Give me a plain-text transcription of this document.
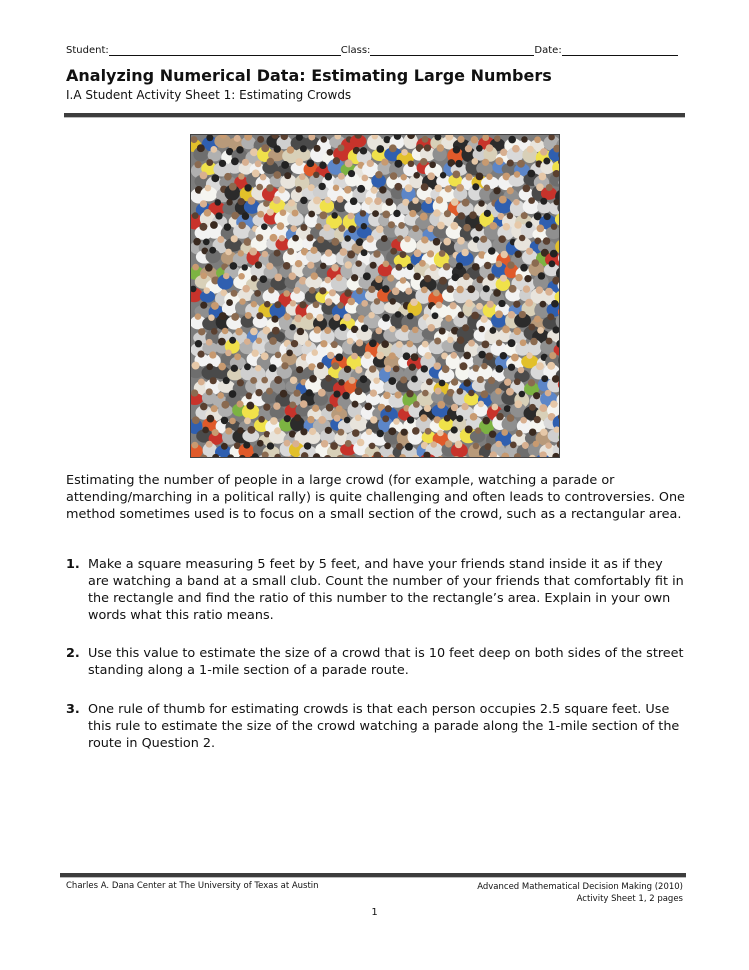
Student:	Class:	Date:
Analyzing Numerical Data: Estimating Large Numbers
I.A Student Activity Sheet 1: Estimating Crowds
Estimating the number of people in a large crowd (for example, watching a parade or attending/marching in a political rally) is quite challenging and often leads to controversies. One method sometimes used is to focus on a small section of the crowd, such as a rectangular area.
1. Make a square measuring 5 feet by 5 feet, and have your friends stand inside it as if they are watching a band at a small club. Count the number of your friends that comfortably fit in the rectangle and find the ratio of this number to the rectangle’s area. Explain in your own words what this ratio means.
2. Use this value to estimate the size of a crowd that is 10 feet deep on both sides of the street standing along a 1-mile section of a parade route.
3. One rule of thumb for estimating crowds is that each person occupies 2.5 square feet. Use this rule to estimate the size of the crowd watching a parade along the 1-mile section of the route in Question 2.
Charles A. Dana Center at The University of Texas at Austin	Advanced Mathematical Decision Making (2010)
Activity Sheet 1, 2 pages
1
